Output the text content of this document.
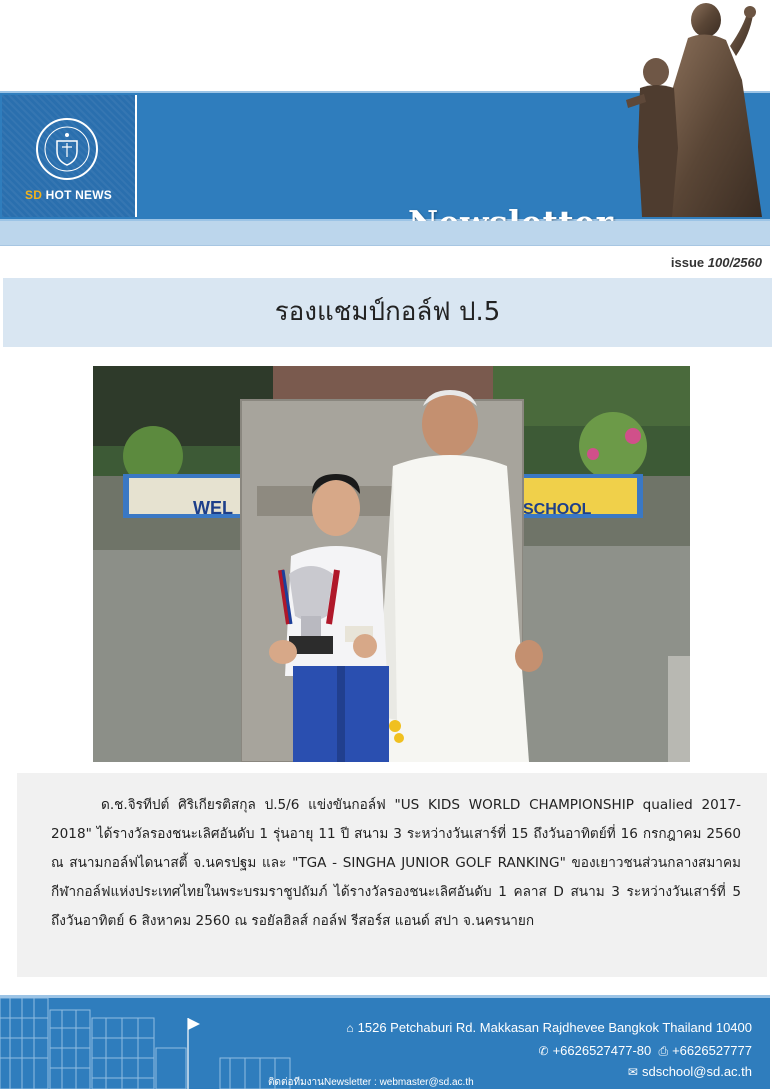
SD HOT NEWS
St.Dominic School	issue 100/2560
รองแชมป์กอล์ฟ ป.5
WEL	SCHOOL
ด.ช.จิรทีปต์ ศิริเกียรติสกุล ป.5/6 แข่งขันกอล์ฟ "US KIDS WORLD CHAMPIONSHIP qualied 2017-2018" ได้รางวัลรองชนะเลิศอันดับ 1 รุ่นอายุ 11 ปี สนาม 3 ระหว่างวันเสาร์ที่ 15 ถึงวันอาทิตย์ที่ 16 กรกฎาคม 2560 ณ สนามกอล์ฟไดนาสตี้ จ.นครปฐม และ "TGA - SINGHA JUNIOR GOLF RANKING" ของเยาวชนส่วนกลางสมาคมกีฬากอล์ฟแห่งประเทศไทยในพระบรมราชูปถัมภ์ ได้รางวัลรองชนะเลิศอันดับ 1 คลาส D สนาม 3 ระหว่างวันเสาร์ที่ 5 ถึงวันอาทิตย์ 6 สิงหาคม 2560 ณ รอยัลฮิลส์ กอล์ฟ รีสอร์ส แอนด์ สปา จ.นครนายก
⌂ 1526 Petchaburi Rd. Makkasan Rajdhevee Bangkok Thailand 10400
✆ +6626527477-80 ⎙ +6626527777
✉ sdschool@sd.ac.th
ติดต่อทีมงานNewsletter : webmaster@sd.ac.th
